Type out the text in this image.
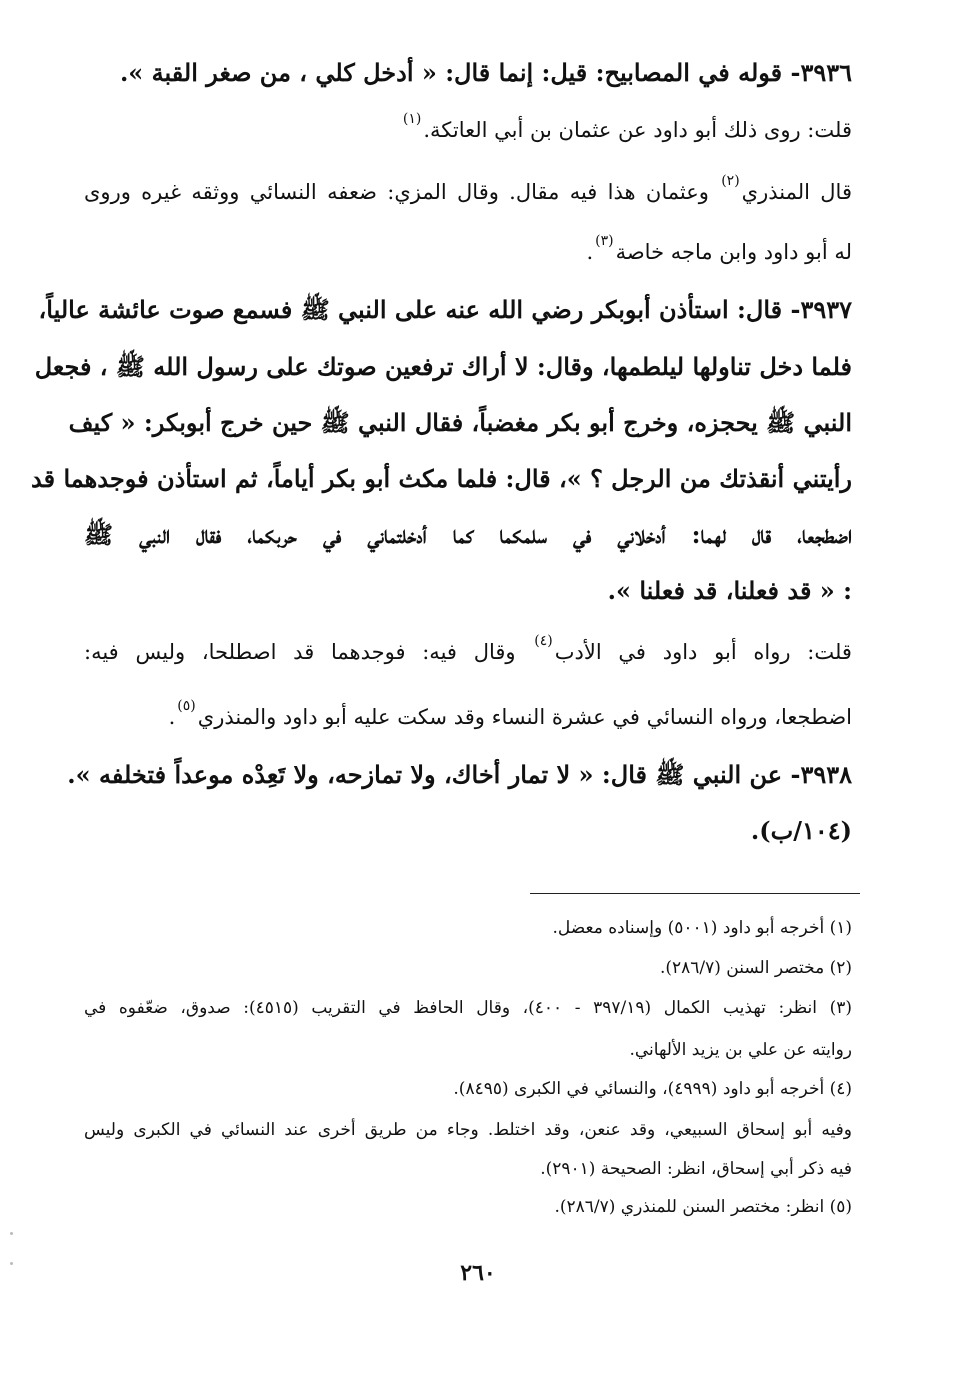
٣٩٣٦- قوله في المصابيح: قيل: إنما قال: « أدخل كلي ، من صغر القبة ».
قلت: روى ذلك أبو داود عن عثمان بن أبي العاتكة.$^{(١)}$
قال المنذري$^{(٢)}$ وعثمان هذا فيه مقال. وقال المزي: ضعفه النسائي ووثقه غيره وروى
له أبو داود وابن ماجه خاصة$^{(٣)}$.
٣٩٣٧- قال: استأذن أبوبكر رضي الله عنه على النبي ﷺ فسمع صوت عائشة عالياً،
فلما دخل تناولها ليلطمها، وقال: لا أراك ترفعين صوتك على رسول الله ﷺ ، فجعل
النبي ﷺ يحجزه، وخرج أبو بكر مغضباً، فقال النبي ﷺ حين خرج أبوبكر: « كيف
رأيتني أنقذتك من الرجل ؟ »، قال: فلما مكث أبو بكر أياماً، ثم استأذن فوجدهما قد
اضطجعا، قال لهما: أدخلاني في سلمكما كما أدخلتماني في حربكما، فقال النبي ﷺ
: « قد فعلنا، قد فعلنا ».
قلت: رواه أبو داود في الأدب$^{(٤)}$ وقال فيه: فوجدهما قد اصطلحا، وليس فيه:
اضطجعا، ورواه النسائي في عشرة النساء وقد سكت عليه أبو داود والمنذري$^{(٥)}$.
٣٩٣٨- عن النبي ﷺ قال: « لا تمار أخاك، ولا تمازحه، ولا تَعِدْه موعداً فتخلفه ».
(١٠٤/ب).
(١) أخرجه أبو داود (٥٠٠١) وإسناده معضل.
(٢) مختصر السنن (٢٨٦/٧).
(٣) انظر: تهذيب الكمال (٣٩٧/١٩ - ٤٠٠)، وقال الحافظ في التقريب (٤٥١٥): صدوق، ضعّفوه في
روايته عن علي بن يزيد الألهاني.
(٤) أخرجه أبو داود (٤٩٩٩)، والنسائي في الكبرى (٨٤٩٥).
وفيه أبو إسحاق السبيعي، وقد عنعن، وقد اختلط. وجاء من طريق أخرى عند النسائي في الكبرى وليس
فيه ذكر أبي إسحاق، انظر: الصحيحة (٢٩٠١).
(٥) انظر: مختصر السنن للمنذري (٢٨٦/٧).
٢٦٠
